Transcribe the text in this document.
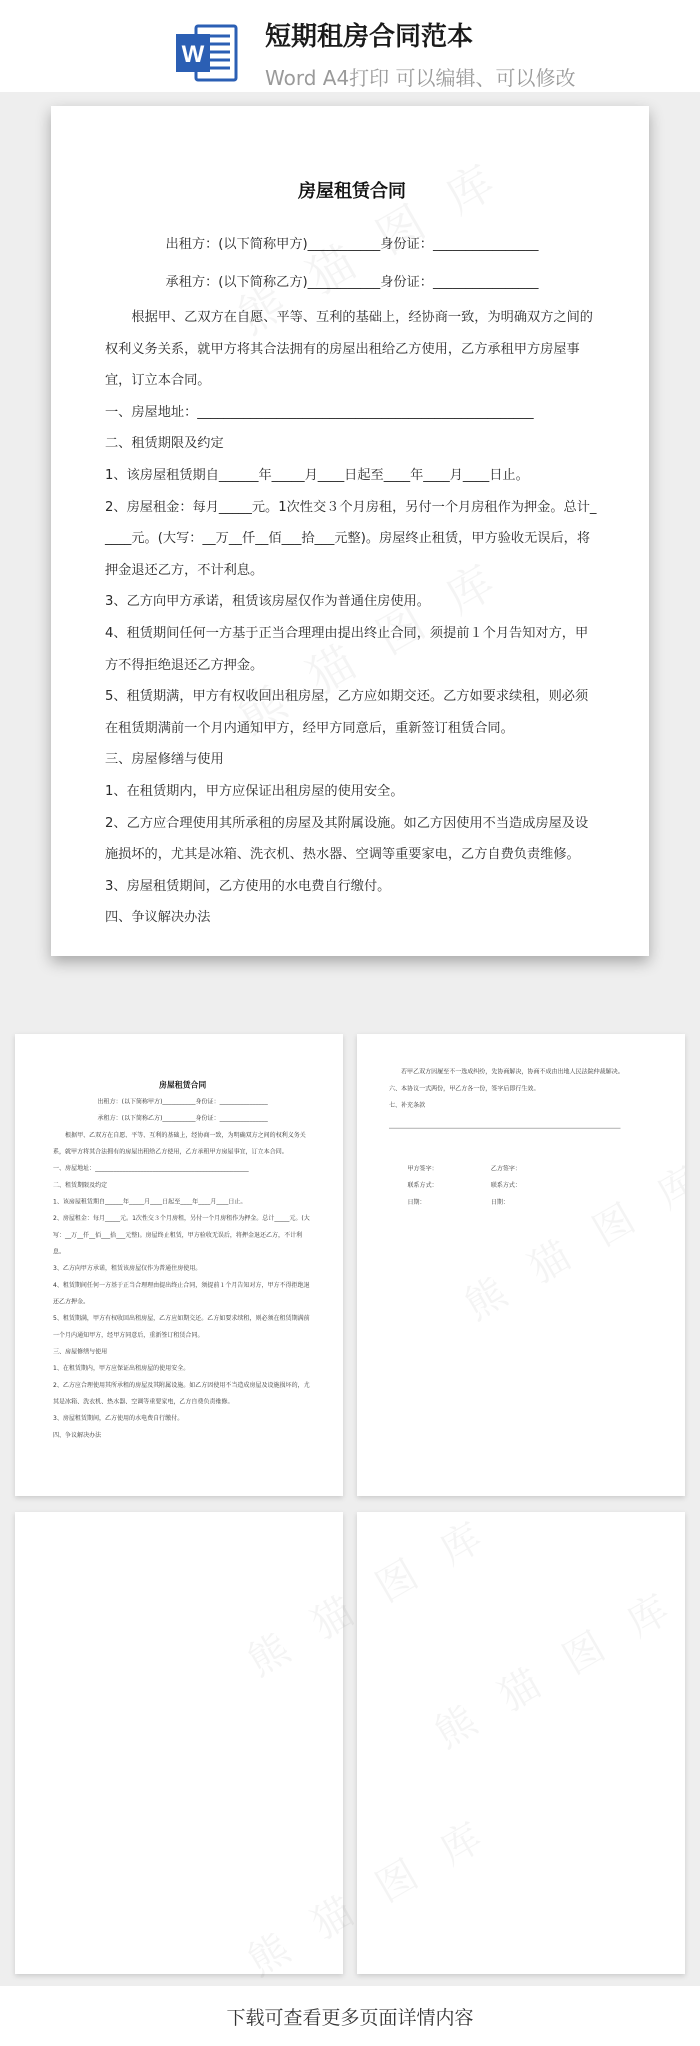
W
短期租房合同范本
Word A4打印 可以编辑、可以修改
房屋租赁合同
出租方：(以下简称甲方)___________身份证：________________
承租方：(以下简称乙方)___________身份证：________________
根据甲、乙双方在自愿、平等、互利的基础上，经协商一致，为明确双方之间的权利义务关系，就甲方将其合法拥有的房屋出租给乙方使用，乙方承租甲方房屋事宜，订立本合同。
一、房屋地址：___________________________________________________
二、租赁期限及约定
1、该房屋租赁期自______年_____月____日起至____年____月____日止。
2、房屋租金：每月_____元。1次性交３个月房租，另付一个月房租作为押金。总计_____元。(大写：__万__仟__佰___拾___元整)。房屋终止租赁，甲方验收无误后，将押金退还乙方，不计利息。
3、乙方向甲方承诺，租赁该房屋仅作为普通住房使用。
4、租赁期间任何一方基于正当合理理由提出终止合同，须提前１个月告知对方，甲方不得拒绝退还乙方押金。
5、租赁期满，甲方有权收回出租房屋，乙方应如期交还。乙方如要求续租，则必须在租赁期满前一个月内通知甲方，经甲方同意后，重新签订租赁合同。
三、房屋修缮与使用
1、在租赁期内，甲方应保证出租房屋的使用安全。
2、乙方应合理使用其所承租的房屋及其附属设施。如乙方因使用不当造成房屋及设施损坏的，尤其是冰箱、洗衣机、热水器、空调等重要家电，乙方自费负责维修。
3、房屋租赁期间，乙方使用的水电费自行缴付。
四、争议解决办法
房屋租赁合同
出租方：(以下简称甲方)___________身份证：________________
承租方：(以下简称乙方)___________身份证：________________
根据甲、乙双方在自愿、平等、互利的基础上，经协商一致，为明确双方之间的权利义务关系，就甲方将其合法拥有的房屋出租给乙方使用，乙方承租甲方房屋事宜，订立本合同。
一、房屋地址：___________________________________________________
二、租赁期限及约定
1、该房屋租赁期自______年_____月____日起至____年____月____日止。
2、房屋租金：每月_____元。1次性交３个月房租，另付一个月房租作为押金。总计_____元。(大写：__万__仟__佰___拾___元整)。房屋终止租赁，甲方验收无误后，将押金退还乙方，不计利息。
3、乙方向甲方承诺，租赁该房屋仅作为普通住房使用。
4、租赁期间任何一方基于正当合理理由提出终止合同，须提前１个月告知对方，甲方不得拒绝退还乙方押金。
5、租赁期满，甲方有权收回出租房屋，乙方应如期交还。乙方如要求续租，则必须在租赁期满前一个月内通知甲方，经甲方同意后，重新签订租赁合同。
三、房屋修缮与使用
1、在租赁期内，甲方应保证出租房屋的使用安全。
2、乙方应合理使用其所承租的房屋及其附属设施。如乙方因使用不当造成房屋及设施损坏的，尤其是冰箱、洗衣机、热水器、空调等重要家电，乙方自费负责维修。
3、房屋租赁期间，乙方使用的水电费自行缴付。
四、争议解决办法
若甲乙双方因履至不一选成纠纷，先协商解决，协商不成由出地人民法院仲裁解决。
六、本协议一式两份，甲乙方各一份，签字后即行生效。
七、补充条款
甲方签字：	乙方签字：
联系方式：	联系方式：
日期：	日期：
下载可查看更多页面详情内容
